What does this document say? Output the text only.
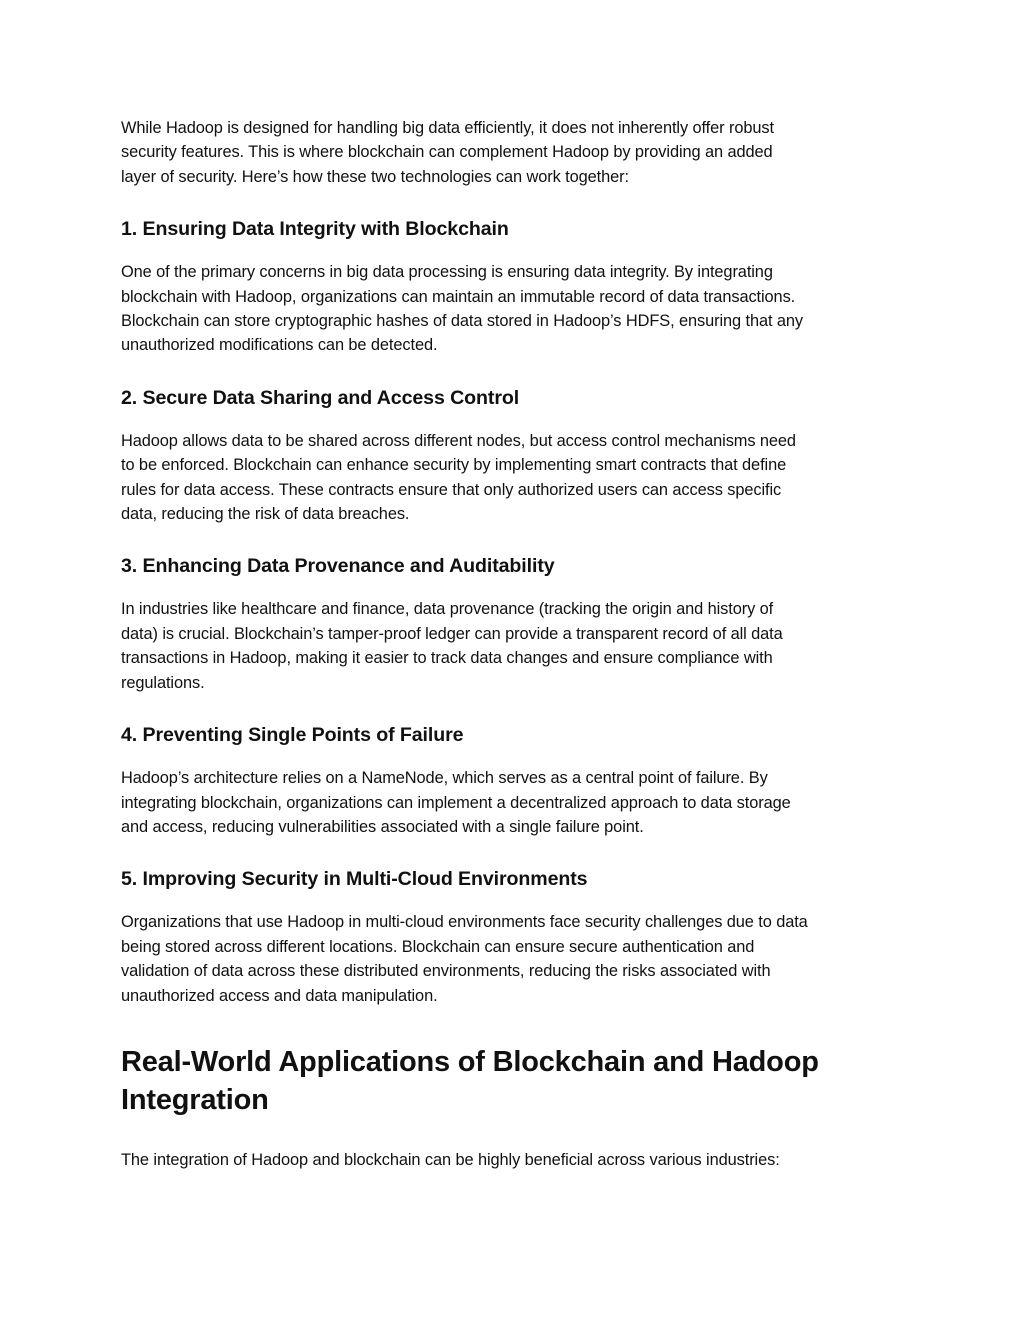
While Hadoop is designed for handling big data efficiently, it does not inherently offer robust
security features. This is where blockchain can complement Hadoop by providing an added
layer of security. Here’s how these two technologies can work together:

1. Ensuring Data Integrity with Blockchain

One of the primary concerns in big data processing is ensuring data integrity. By integrating
blockchain with Hadoop, organizations can maintain an immutable record of data transactions.
Blockchain can store cryptographic hashes of data stored in Hadoop’s HDFS, ensuring that any
unauthorized modifications can be detected.

2. Secure Data Sharing and Access Control

Hadoop allows data to be shared across different nodes, but access control mechanisms need
to be enforced. Blockchain can enhance security by implementing smart contracts that define
rules for data access. These contracts ensure that only authorized users can access specific
data, reducing the risk of data breaches.

3. Enhancing Data Provenance and Auditability

In industries like healthcare and finance, data provenance (tracking the origin and history of
data) is crucial. Blockchain’s tamper-proof ledger can provide a transparent record of all data
transactions in Hadoop, making it easier to track data changes and ensure compliance with
regulations.

4. Preventing Single Points of Failure

Hadoop’s architecture relies on a NameNode, which serves as a central point of failure. By
integrating blockchain, organizations can implement a decentralized approach to data storage
and access, reducing vulnerabilities associated with a single failure point.

5. Improving Security in Multi-Cloud Environments

Organizations that use Hadoop in multi-cloud environments face security challenges due to data
being stored across different locations. Blockchain can ensure secure authentication and
validation of data across these distributed environments, reducing the risks associated with
unauthorized access and data manipulation.

Real-World Applications of Blockchain and Hadoop
Integration

The integration of Hadoop and blockchain can be highly beneficial across various industries:
